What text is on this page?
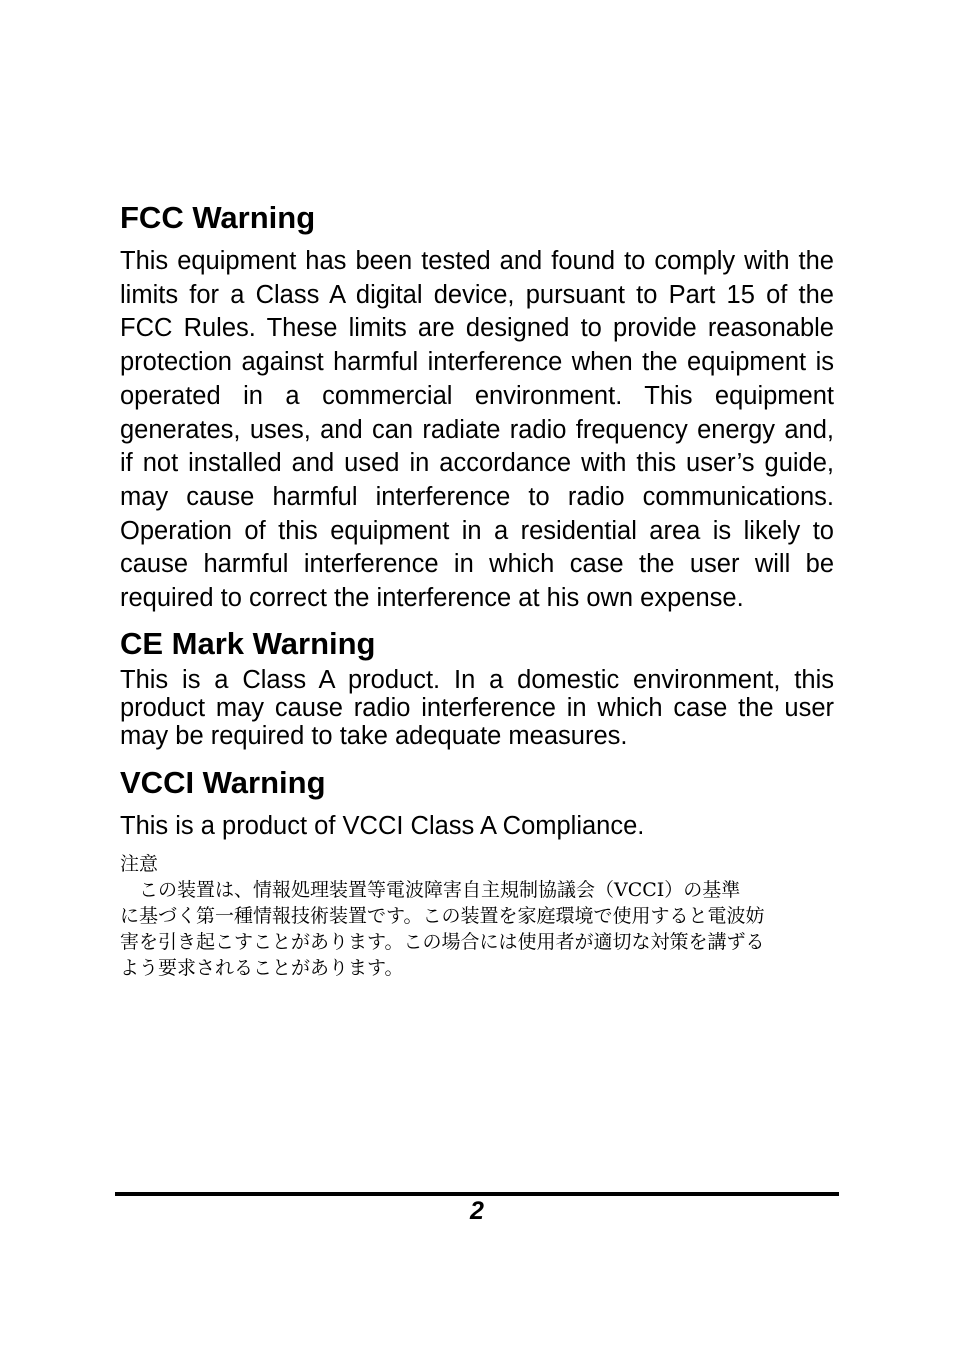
FCC Warning

This equipment has been tested and found to comply with the limits for a Class A digital device, pursuant to Part 15 of the FCC Rules. These limits are designed to provide reasonable protection against harmful interference when the equipment is operated in a commercial environment. This equipment generates, uses, and can radiate radio frequency energy and, if not installed and used in accordance with this user’s guide, may cause harmful interference to radio communications. Operation of this equipment in a residential area is likely to cause harmful interference in which case the user will be required to correct the interference at his own expense.

CE Mark Warning

This is a Class A product. In a domestic environment, this product may cause radio interference in which case the user may be required to take adequate measures.

VCCI Warning

This is a product of VCCI Class A Compliance.

注意
　この装置は、情報処理装置等電波障害自主規制協議会（VCCI）の基準
に基づく第一種情報技術装置です。この装置を家庭環境で使用すると電波妨
害を引き起こすことがあります。この場合には使用者が適切な対策を講ずる
よう要求されることがあります。
2
